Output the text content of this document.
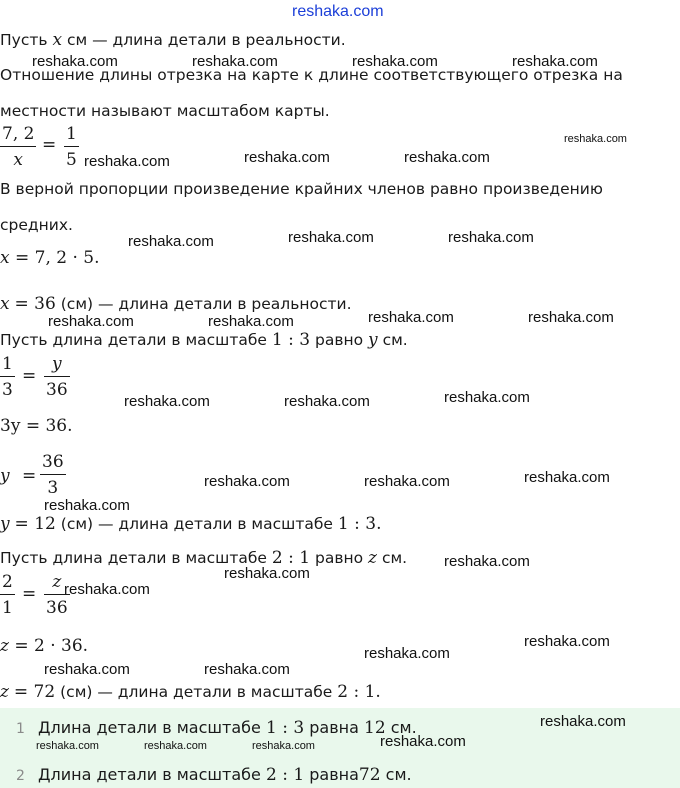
reshaka.com
Пусть x см — длина детали в реальности.
Отношение длины отрезка на карте к длине соответствующего отрезка на
местности называют масштабом карты.
7, 2
x
=
1
5
В верной пропорции произведение крайних членов равно произведению
средних.
x = 7, 2 · 5.
x = 36 (см) — длина детали в реальности.
Пусть длина детали в масштабе 1 : 3 равно y см.
1
3
=
y
36
3y = 36.
y =
36
3
y = 12 (см) — длина детали в масштабе 1 : 3.
Пусть длина детали в масштабе 2 : 1 равно z см.
2
1
=
z
36
z = 2 · 36.
z = 72 (см) — длина детали в масштабе 2 : 1.
1 Длина детали в масштабе 1 : 3 равна 12 см.
2 Длина детали в масштабе 2 : 1 равна72 см.
reshaka.com	reshaka.com	reshaka.com	reshaka.com
reshaka.com
reshaka.com	reshaka.com	reshaka.com
reshaka.com	reshaka.com	reshaka.com
reshaka.com	reshaka.com	reshaka.com	reshaka.com
reshaka.com	reshaka.com	reshaka.com
reshaka.com	reshaka.com	reshaka.com
reshaka.com
reshaka.com
reshaka.com
reshaka.com
reshaka.com
reshaka.com
reshaka.com	reshaka.com
reshaka.com
reshaka.com	reshaka.com	reshaka.com	reshaka.com
